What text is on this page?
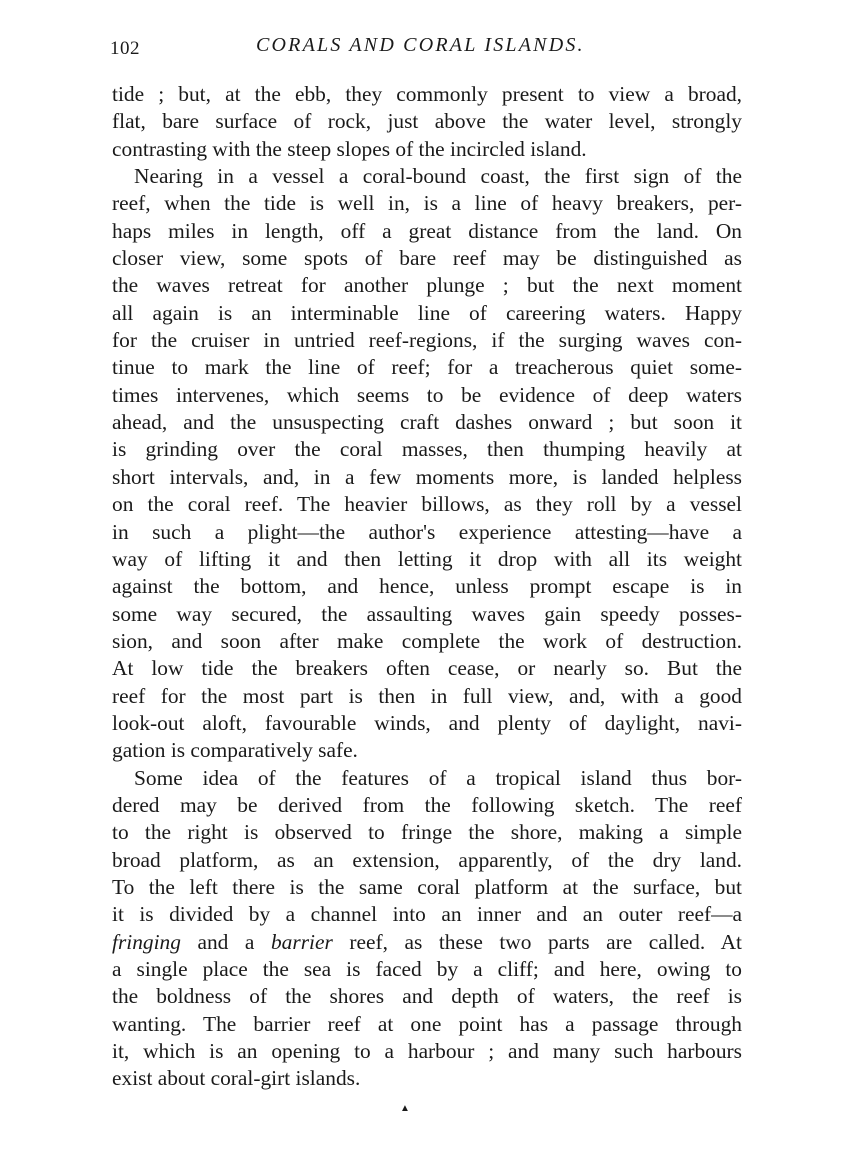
102	CORALS AND CORAL ISLANDS.
tide ; but, at the ebb, they commonly present to view a broad,
flat, bare surface of rock, just above the water level, strongly
contrasting with the steep slopes of the incircled island.
Nearing in a vessel a coral-bound coast, the first sign of the
reef, when the tide is well in, is a line of heavy breakers, per-
haps miles in length, off a great distance from the land. On
closer view, some spots of bare reef may be distinguished as
the waves retreat for another plunge ; but the next moment
all again is an interminable line of careering waters. Happy
for the cruiser in untried reef-regions, if the surging waves con-
tinue to mark the line of reef; for a treacherous quiet some-
times intervenes, which seems to be evidence of deep waters
ahead, and the unsuspecting craft dashes onward ; but soon it
is grinding over the coral masses, then thumping heavily at
short intervals, and, in a few moments more, is landed helpless
on the coral reef. The heavier billows, as they roll by a vessel
in such a plight—the author's experience attesting—have a
way of lifting it and then letting it drop with all its weight
against the bottom, and hence, unless prompt escape is in
some way secured, the assaulting waves gain speedy posses-
sion, and soon after make complete the work of destruction.
At low tide the breakers often cease, or nearly so. But the
reef for the most part is then in full view, and, with a good
look-out aloft, favourable winds, and plenty of daylight, navi-
gation is comparatively safe.
Some idea of the features of a tropical island thus bor-
dered may be derived from the following sketch. The reef
to the right is observed to fringe the shore, making a simple
broad platform, as an extension, apparently, of the dry land.
To the left there is the same coral platform at the surface, but
it is divided by a channel into an inner and an outer reef—a
fringing and a barrier reef, as these two parts are called. At
a single place the sea is faced by a cliff; and here, owing to
the boldness of the shores and depth of waters, the reef is
wanting. The barrier reef at one point has a passage through
it, which is an opening to a harbour ; and many such harbours
exist about coral-girt islands.
▲
